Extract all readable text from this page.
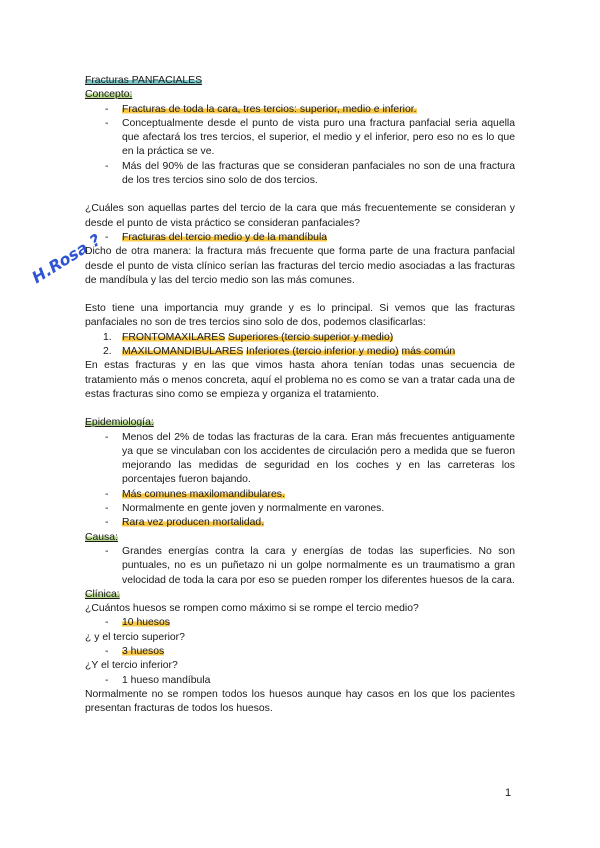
H.Rosa ?

Fracturas PANFACIALES

Concepto:

- Fracturas de toda la cara, tres tercios: superior, medio e inferior.
- Conceptualmente desde el punto de vista puro una fractura panfacial seria aquella que afectará los tres tercios, el superior, el medio y el inferior, pero eso no es lo que en la práctica se ve.
- Más del 90% de las fracturas que se consideran panfaciales no son de una fractura de los tres tercios sino solo de dos tercios.

¿Cuáles son aquellas partes del tercio de la cara que más frecuentemente se consideran y desde el punto de vista práctico se consideran panfaciales?

- Fracturas del tercio medio y de la mandíbula

Dicho de otra manera: la fractura más frecuente que forma parte de una fractura panfacial desde el punto de vista clínico serían las fracturas del tercio medio asociadas a las fracturas de mandíbula y las del tercio medio son las más comunes.

Esto tiene una importancia muy grande y es lo principal. Si vemos que las fracturas panfaciales no son de tres tercios sino solo de dos, podemos clasificarlas:

1. FRONTOMAXILARES Superiores (tercio superior y medio)
2. MAXILOMANDIBULARES Inferiores (tercio inferior y medio) más común

En estas fracturas y en las que vimos hasta ahora tenían todas unas secuencia de tratamiento más o menos concreta, aquí el problema no es como se van a tratar cada una de estas fracturas sino como se empieza y organiza el tratamiento.

Epidemiología:

- Menos del 2% de todas las fracturas de la cara. Eran más frecuentes antiguamente ya que se vinculaban con los accidentes de circulación pero a medida que se fueron mejorando las medidas de seguridad en los coches y en las carreteras los porcentajes fueron bajando.
- Más comunes maxilomandibulares.
- Normalmente en gente joven y normalmente en varones.
- Rara vez producen mortalidad.

Causa:

- Grandes energías contra la cara y energías de todas las superficies. No son puntuales, no es un puñetazo ni un golpe normalmente es un traumatismo a gran velocidad de toda la cara por eso se pueden romper los diferentes huesos de la cara.

Clínica:

¿Cuántos huesos se rompen como máximo si se rompe el tercio medio?

- 10 huesos

¿ y el tercio superior?

- 3 huesos

¿Y el tercio inferior?

- 1 hueso mandíbula

Normalmente no se rompen todos los huesos aunque hay casos en los que los pacientes presentan fracturas de todos los huesos.

1
